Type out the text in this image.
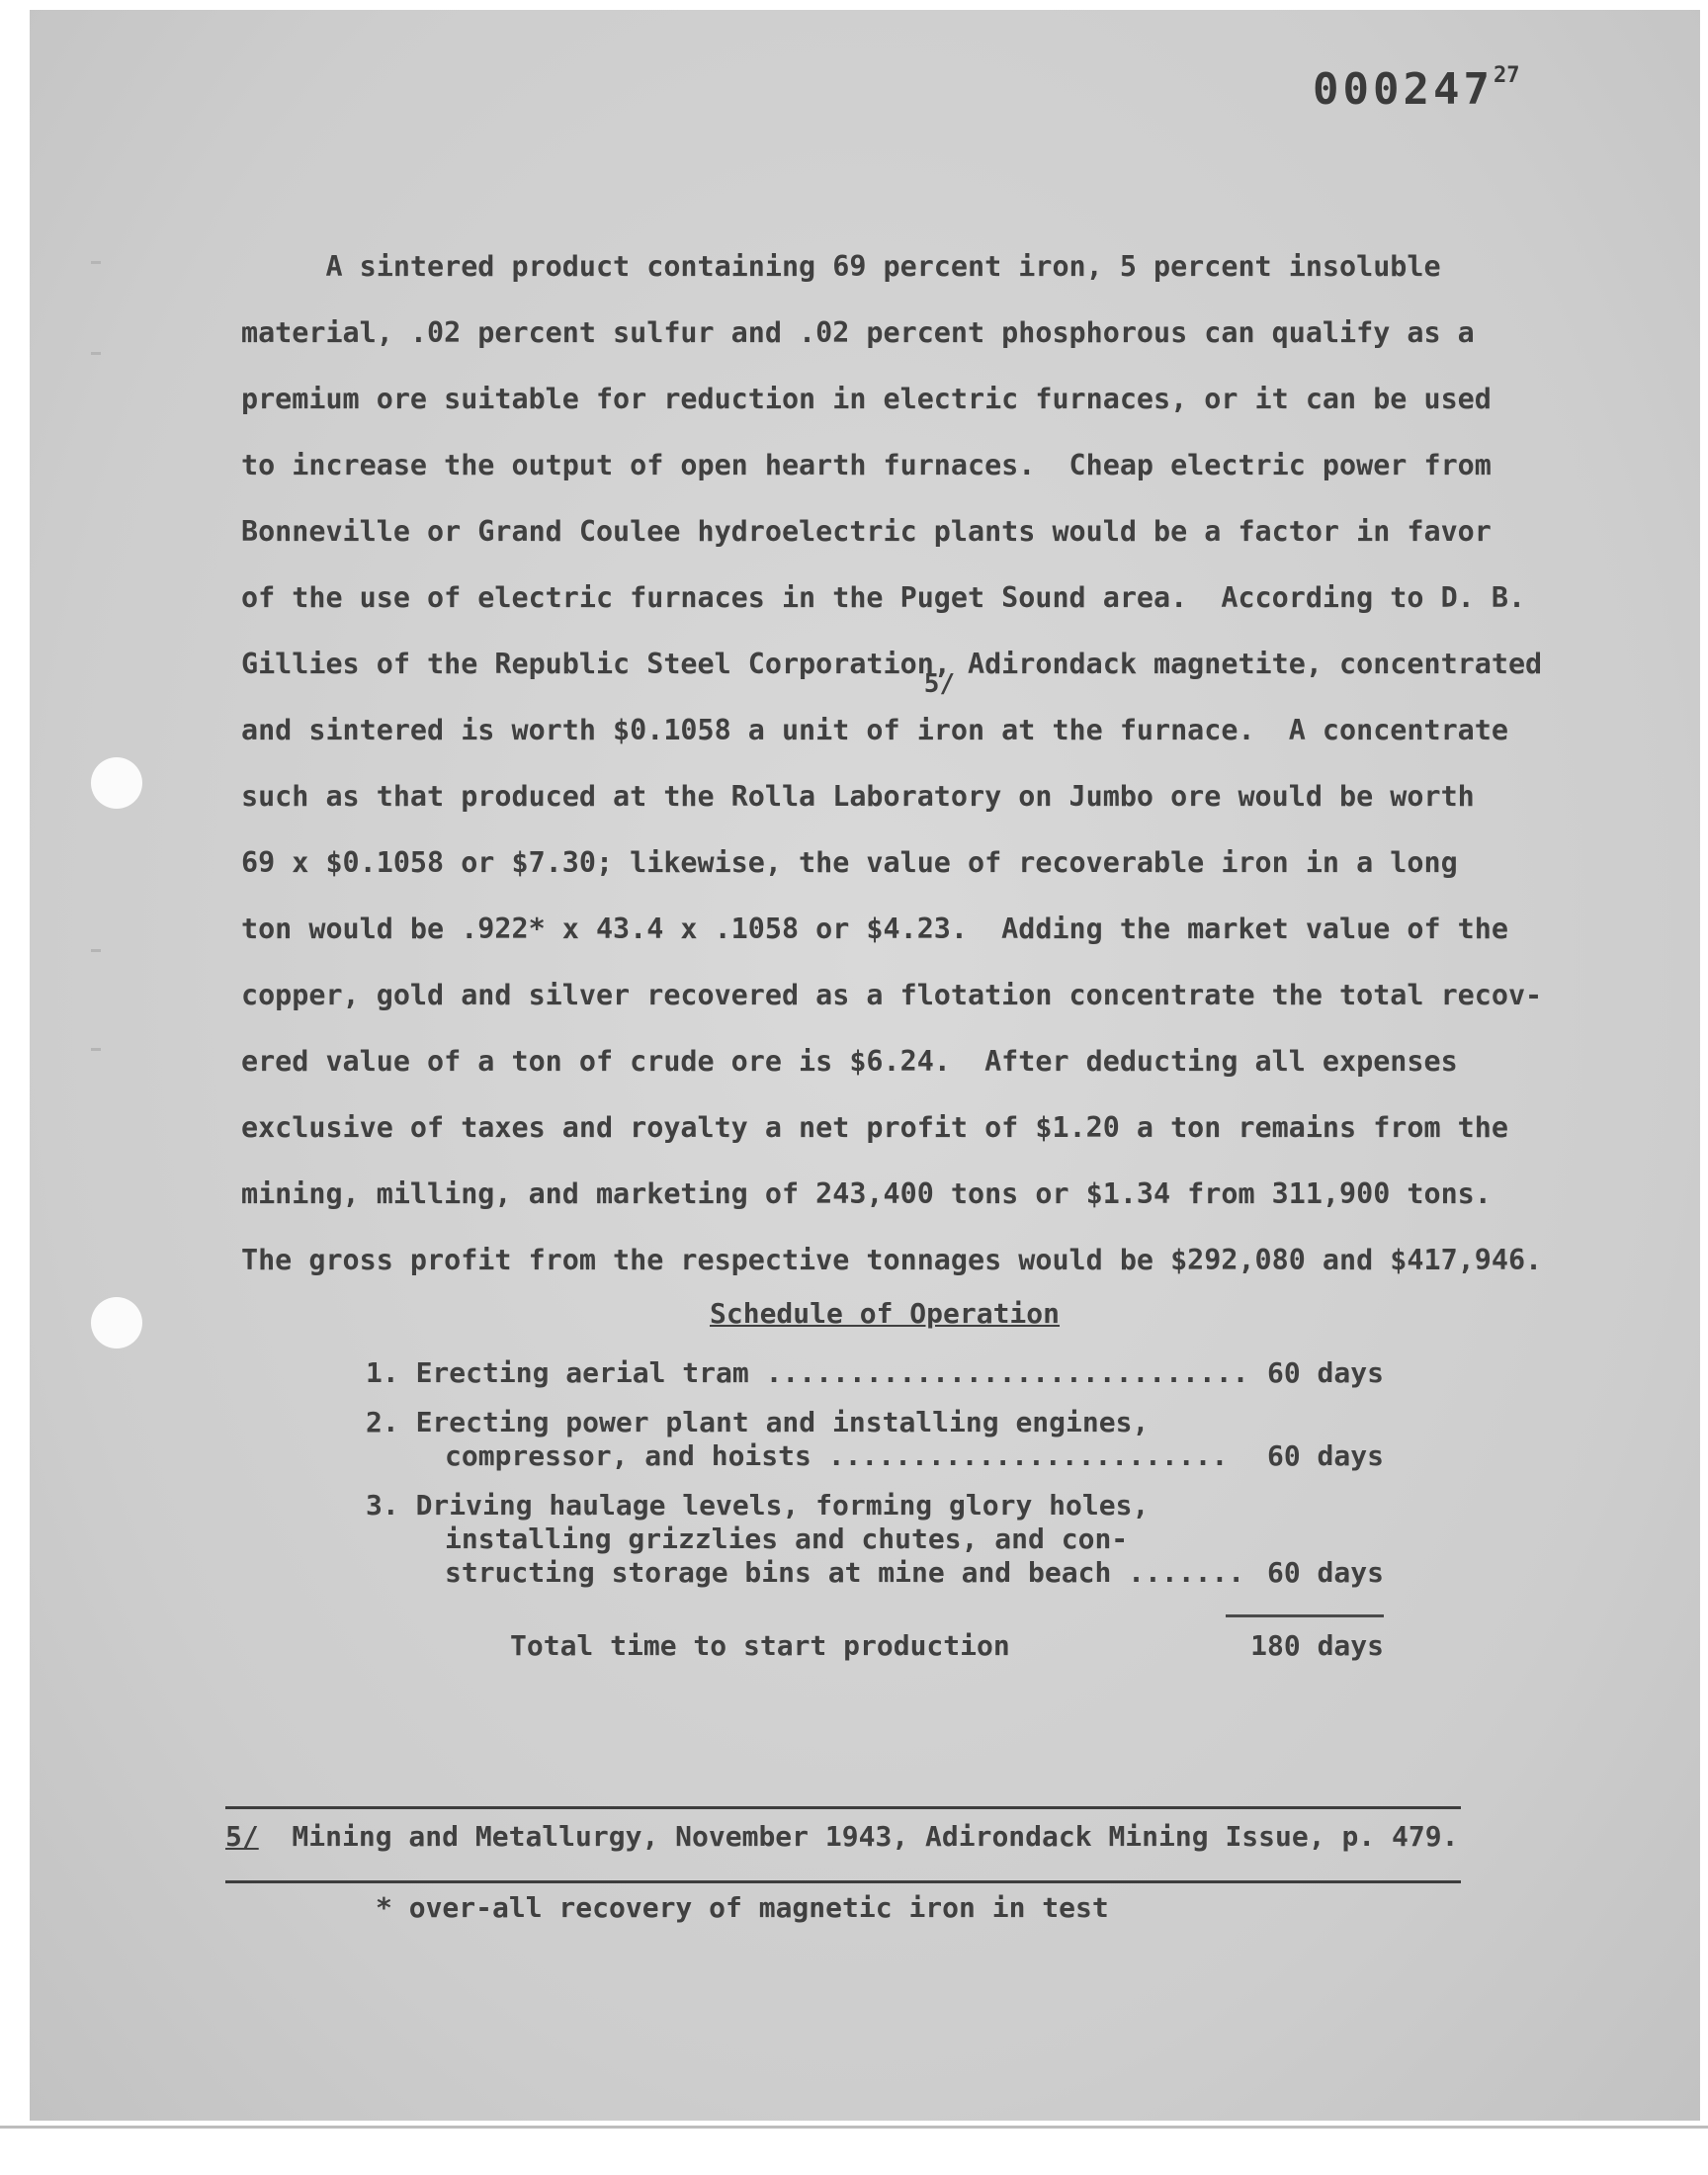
000247$^{27}$
A sintered product containing 69 percent iron, 5 percent insoluble
material, .02 percent sulfur and .02 percent phosphorous can qualify as a
premium ore suitable for reduction in electric furnaces, or it can be used
to increase the output of open hearth furnaces.  Cheap electric power from
Bonneville or Grand Coulee hydroelectric plants would be a factor in favor
of the use of electric furnaces in the Puget Sound area.  According to D. B.
Gillies of the Republic Steel Corporation
5/
, Adirondack magnetite, concentrated
and sintered is worth $0.1058 a unit of iron at the furnace.  A concentrate
such as that produced at the Rolla Laboratory on Jumbo ore would be worth
69 x $0.1058 or $7.30; likewise, the value of recoverable iron in a long
ton would be .922* x 43.4 x .1058 or $4.23.  Adding the market value of the
copper, gold and silver recovered as a flotation concentrate the total recov-
ered value of a ton of crude ore is $6.24.  After deducting all expenses
exclusive of taxes and royalty a net profit of $1.20 a ton remains from the
mining, milling, and marketing of 243,400 tons or $1.34 from 311,900 tons.
The gross profit from the respective tonnages would be $292,080 and $417,946.
Schedule of Operation
1. Erecting aerial tram ............................. 60 days
2. Erecting power plant and installing engines,
compressor, and hoists ........................	60 days
3. Driving haulage levels, forming glory holes,
installing grizzlies and chutes, and con-
structing storage bins at mine and beach ....... 60 days
Total time to start production	180 days
5/  Mining and Metallurgy, November 1943, Adirondack Mining Issue, p. 479.
* over-all recovery of magnetic iron in test
